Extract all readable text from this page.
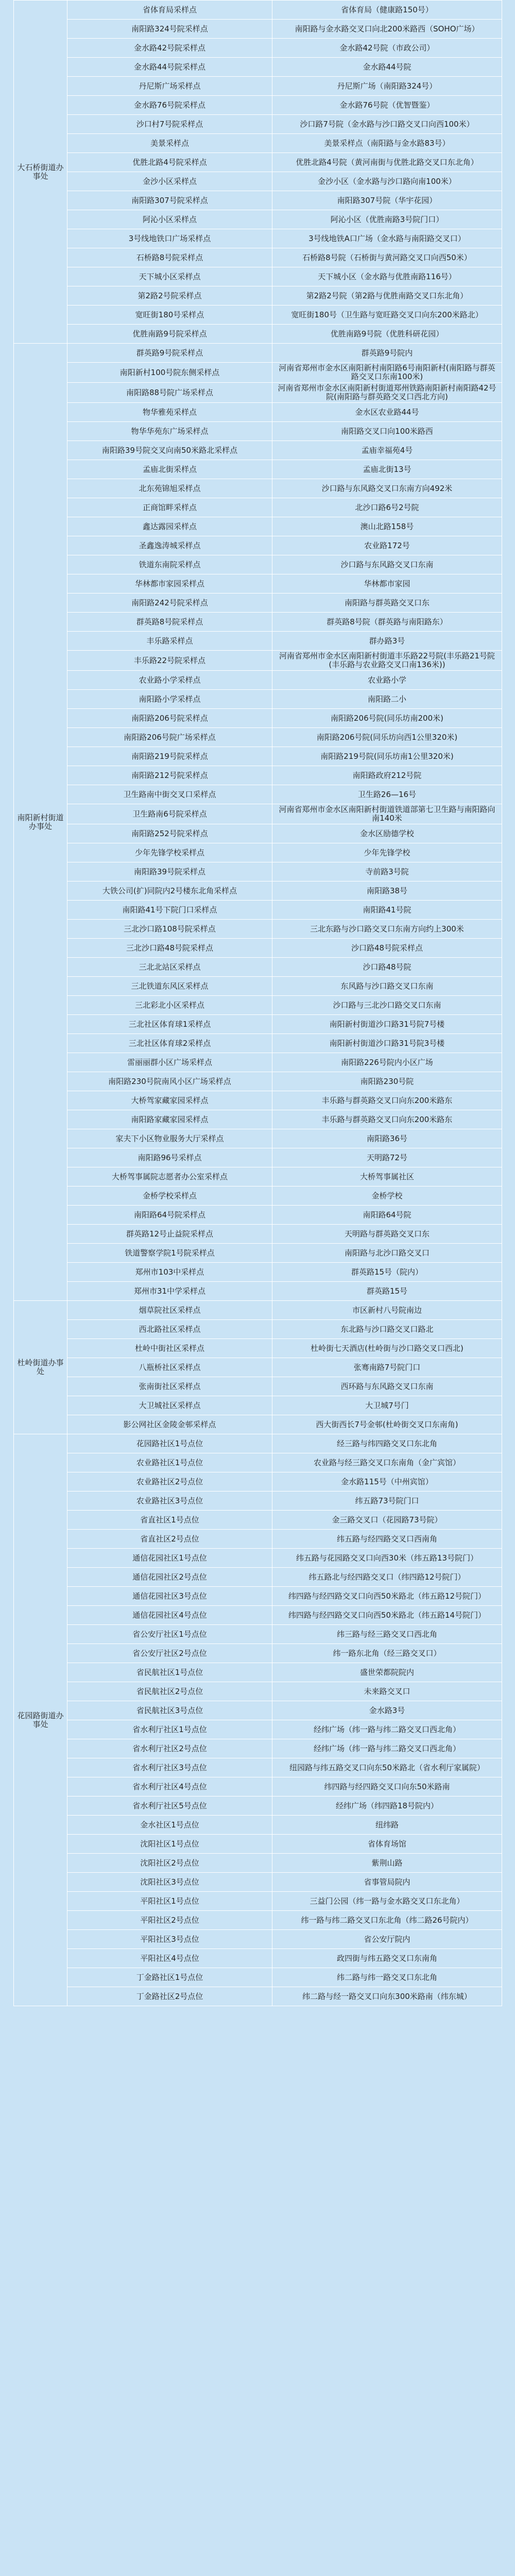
大石桥街道办事处	省体育局采样点	省体育局（健康路150号）
	南阳路324号院采样点	南阳路与金水路交叉口向北200米路西（SOHO广场）
	金水路42号院采样点	金水路42号院（市政公司）
	金水路44号院采样点	金水路44号院
	丹尼斯广场采样点	丹尼斯广场（南阳路324号）
	金水路76号院采样点	金水路76号院（优智暨鉴）
	沙口村7号院采样点	沙口路7号院（金水路与沙口路交叉口向西100米）
	美景采样点	美景采样点（南阳路与金水路83号）
	优胜北路4号院采样点	优胜北路4号院（黄河南街与优胜北路交叉口东北角）
	金沙小区采样点	金沙小区（金水路与沙口路向南100米）
	南阳路307号院采样点	南阳路307号院（华宇花园）
	阿沁小区采样点	阿沁小区（优胜南路3号院门口）
	3号线地铁口广场采样点	3号线地铁A口广场（金水路与南阳路交叉口）
	石桥路8号院采样点	石桥路8号院（石桥街与黄河路交叉口向西50米）
	天下城小区采样点	天下城小区（金水路与优胜南路116号）
	第2路2号院采样点	第2路2号院（第2路与优胜南路交叉口东北角）
	宽旺街180号采样点	宽旺街180号（卫生路与宽旺路交叉口向东200米路北）
	优胜南路9号院采样点	优胜南路9号院（优胜科研花园）
南阳新村街道办事处	群英路9号院采样点	群英路9号院内
	南阳新村100号院东侧采样点	河南省郑州市金水区南阳新村南阳路6号南阳新村(南阳路与群英路交叉口东南100米)
	南阳路88号院广场采样点	河南省郑州市金水区南阳新村街道郑州铁路南阳新村南阳路42号院(南阳路与群英路交叉口西北方向)
	物华雅苑采样点	金水区农业路44号
	物华华苑东广场采样点	南阳路交叉口向100米路西
	南阳路39号院交叉向南50米路北采样点	孟庙幸福苑4号
	孟庙北街采样点	孟庙北街13号
	北东苑锦旭采样点	沙口路与东风路交叉口东南方向492米
	正商馆畔采样点	北沙口路6号2号院
	鑫达露园采样点	澳山北路158号
	圣鑫逸涛城采样点	农业路172号
	铁道东南院采样点	沙口路与东风路交叉口东南
	华林都市家园采样点	华林都市家园
	南阳路242号院采样点	南阳路与群英路交叉口东
	群英路8号院采样点	群英路8号院（群英路与南阳路东）
	丰乐路采样点	群办路3号
	丰乐路22号院采样点	河南省郑州市金水区南阳新村街道丰乐路22号院(丰乐路21号院(丰乐路与农业路交叉口南136米))
	农业路小学采样点	农业路小学
	南阳路小学采样点	南阳路二小
	南阳路206号院采样点	南阳路206号院(同乐坊南200米)
	南阳路206号院广场采样点	南阳路206号院(同乐坊向西1公里320米)
	南阳路219号院采样点	南阳路219号院(同乐坊南1公里320米)
	南阳路212号院采样点	南阳路政府212号院
	卫生路南中街交叉口采样点	卫生路26—16号
	卫生路南6号院采样点	河南省郑州市金水区南阳新村街道铁道部第七卫生路与南阳路向南140米
	南阳路252号院采样点	金水区励德学校
	少年先锋学校采样点	少年先锋学校
	南阳路39号院采样点	寺前路3号院
	大铁公司(扩)同院内2号楼东北角采样点	南阳路38号
	南阳路41号下院门口采样点	南阳路41号院
	三北沙口路108号院采样点	三北东路与沙口路交叉口东南方向约上300米
	三北沙口路48号院采样点	沙口路48号院采样点
	三北北站区采样点	沙口路48号院
	三北铁道东风区采样点	东风路与沙口路交叉口东南
	三北彩北小区采样点	沙口路与三北沙口路交叉口东南
	三北社区体育球1采样点	南阳新村街道沙口路31号院7号楼
	三北社区体育球2采样点	南阳新村街道沙口路31号院3号楼
	雷丽丽群小区广场采样点	南阳路226号院内小区广场
	南阳路230号院南风小区广场采样点	南阳路230号院
	大桥驾家藏家园采样点	丰乐路与群英路交叉口向东200米路东
	南阳路家藏家园采样点	丰乐路与群英路交叉口向东200米路东
	家夫下小区物业服务大厅采样点	南阳路36号
	南阳路96号采样点	天明路72号
	大桥驾事属院志愿者办公室采样点	大桥驾事属社区
	金桥学校采样点	金桥学校
	南阳路64号院采样点	南阳路64号院
	群英路12号止益院采样点	天明路与群英路交叉口东
	铁道警察学院1号院采样点	南阳路与北沙口路交叉口
	郑州市103中采样点	群英路15号（院内）
	郑州市31中学采样点	群英路15号
杜岭街道办事处	烟草院社区采样点	市区新村八号院南边
	西北路社区采样点	东北路与沙口路交叉口路北
	杜岭中街社区采样点	杜岭街七天酒店(杜岭街与沙口路交叉口西北)
	八瓶桥社区采样点	张骞南路7号院门口
	张南街社区采样点	西环路与东风路交叉口东南
	大卫城社区采样点	大卫城7号门
	影公网社区金陵金邨采样点	西大街西长7号金邨(杜岭街交叉口东南角)
花园路街道办事处	花园路社区1号点位	经三路与纬四路交叉口东北角
	农业路社区1号点位	农业路与经三路交叉口东南角（金广宾馆）
	农业路社区2号点位	金水路115号（中州宾馆）
	农业路社区3号点位	纬五路73号院门口
	省直社区1号点位	金三路交叉口（花园路73号院）
	省直社区2号点位	纬五路与经四路交叉口西南角
	通信花园社区1号点位	纬五路与花园路交叉口向西30米（纬五路13号院门）
	通信花园社区2号点位	纬五路北与经四路交叉口（纬四路12号院门）
	通信花园社区3号点位	纬四路与经四路交叉口向西50米路北（纬五路12号院门）
	通信花园社区4号点位	纬四路与经四路交叉口向西50米路北（纬五路14号院门）
	省公安厅社区1号点位	纬三路与经三路交叉口西北角
	省公安厅社区2号点位	纬一路东北角（经三路交叉口）
	省民航社区1号点位	盛世荣都院院内
	省民航社区2号点位	未来路交叉口
	省民航社区3号点位	金水路3号
	省水利厅社区1号点位	经纬广场（纬一路与纬二路交叉口西北角）
	省水利厅社区2号点位	经纬广场（纬一路与纬二路交叉口西北角）
	省水利厅社区3号点位	纽园路与纬五路交叉口向东50米路北（省水利厅家属院）
	省水利厅社区4号点位	纬四路与经四路交叉口向东50米路南
	省水利厅社区5号点位	经纬广场（纬四路18号院内）
	金水社区1号点位	纽纬路
	沈阳社区1号点位	省体育场馆
	沈阳社区2号点位	紫荆山路
	沈阳社区3号点位	省事管局院内
	平阳社区1号点位	三益门公园（纬一路与金水路交叉口东北角）
	平阳社区2号点位	纬一路与纬二路交叉口东北角（纬二路26号院内）
	平阳社区3号点位	省公安厅院内
	平阳社区4号点位	政四街与纬五路交叉口东南角
	丁金路社区1号点位	纬二路与纬一路交叉口东北角
	丁金路社区2号点位	纬二路与经一路交叉口向东300米路南（纬东城）
